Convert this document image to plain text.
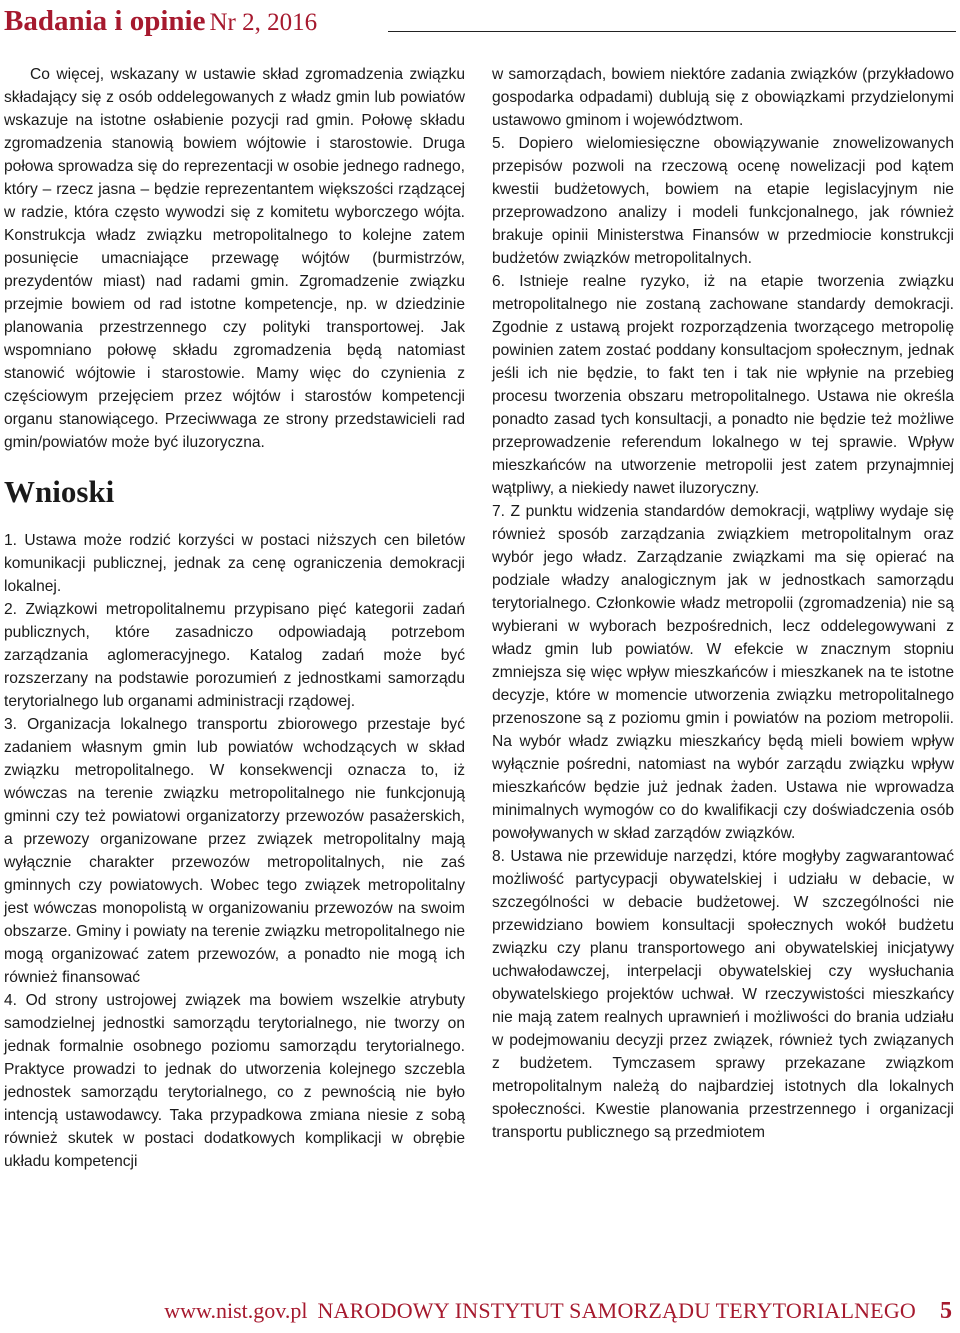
Badania i opinie Nr 2, 2016

Co więcej, wskazany w ustawie skład zgromadzenia związku składający się z osób oddelegowanych z władz gmin lub powiatów wskazuje na istotne osłabienie pozycji rad gmin. Połowę składu zgromadzenia stanowią bowiem wójtowie i starostowie. Druga połowa sprowadza się do reprezentacji w osobie jednego radnego, który – rzecz jasna – będzie reprezentantem większości rządzącej w radzie, która często wywodzi się z komitetu wyborczego wójta. Konstrukcja władz związku metropolitalnego to kolejne zatem posunięcie umacniające przewagę wójtów (burmistrzów, prezydentów miast) nad radami gmin. Zgromadzenie związku przejmie bowiem od rad istotne kompetencje, np. w dziedzinie planowania przestrzennego czy polityki transportowej. Jak wspomniano połowę składu zgromadzenia będą natomiast stanowić wójtowie i starostowie. Mamy więc do czynienia z częściowym przejęciem przez wójtów i starostów kompetencji organu stanowiącego. Przeciwwaga ze strony przedstawicieli rad gmin/powiatów może być iluzoryczna.

Wnioski

1. Ustawa może rodzić korzyści w postaci niższych cen biletów komunikacji publicznej, jednak za cenę ograniczenia demokracji lokalnej.

2. Związkowi metropolitalnemu przypisano pięć kategorii zadań publicznych, które zasadniczo odpowiadają potrzebom zarządzania aglomeracyjnego. Katalog zadań może być rozszerzany na podstawie porozumień z jednostkami samorządu terytorialnego lub organami administracji rządowej.

3. Organizacja lokalnego transportu zbiorowego przestaje być zadaniem własnym gmin lub powiatów wchodzących w skład związku metropolitalnego. W konsekwencji oznacza to, iż wówczas na terenie związku metropolitalnego nie funkcjonują gminni czy też powiatowi organizatorzy przewozów pasażerskich, a przewozy organizowane przez związek metropolitalny mają wyłącznie charakter przewozów metropolitalnych, nie zaś gminnych czy powiatowych. Wobec tego związek metropolitalny jest wówczas monopolistą w organizowaniu przewozów na swoim obszarze. Gminy i powiaty na terenie związku metropolitalnego nie mogą organizować zatem przewozów, a ponadto nie mogą ich również finansować

4. Od strony ustrojowej związek ma bowiem wszelkie atrybuty samodzielnej jednostki samorządu terytorialnego, nie tworzy on jednak formalnie osobnego poziomu samorządu terytorialnego. Praktyce prowadzi to jednak do utworzenia kolejnego szczebla jednostek samorządu terytorialnego, co z pewnością nie było intencją ustawodawcy. Taka przypadkowa zmiana niesie z sobą również skutek w postaci dodatkowych komplikacji w obrębie układu kompetencji

w samorządach, bowiem niektóre zadania związków (przykładowo gospodarka odpadami) dublują się z obowiązkami przydzielonymi ustawowo gminom i województwom.

5. Dopiero wielomiesięczne obowiązywanie znowelizowanych przepisów pozwoli na rzeczową ocenę nowelizacji pod kątem kwestii budżetowych, bowiem na etapie legislacyjnym nie przeprowadzono analizy i modeli funkcjonalnego, jak również brakuje opinii Ministerstwa Finansów w przedmiocie konstrukcji budżetów związków metropolitalnych.

6. Istnieje realne ryzyko, iż na etapie tworzenia związku metropolitalnego nie zostaną zachowane standardy demokracji. Zgodnie z ustawą projekt rozporządzenia tworzącego metropolię powinien zatem zostać poddany konsultacjom społecznym, jednak jeśli ich nie będzie, to fakt ten i tak nie wpłynie na przebieg procesu tworzenia obszaru metropolitalnego. Ustawa nie określa ponadto zasad tych konsultacji, a ponadto nie będzie też możliwe przeprowadzenie referendum lokalnego w tej sprawie. Wpływ mieszkańców na utworzenie metropolii jest zatem przynajmniej wątpliwy, a niekiedy nawet iluzoryczny.

7. Z punktu widzenia standardów demokracji, wątpliwy wydaje się również sposób zarządzania związkiem metropolitalnym oraz wybór jego władz. Zarządzanie związkami ma się opierać na podziale władzy analogicznym jak w jednostkach samorządu terytorialnego. Członkowie władz metropolii (zgromadzenia) nie są wybierani w wyborach bezpośrednich, lecz oddelegowywani z władz gmin lub powiatów. W efekcie w znacznym stopniu zmniejsza się więc wpływ mieszkańców i mieszkanek na te istotne decyzje, które w momencie utworzenia związku metropolitalnego przenoszone są z poziomu gmin i powiatów na poziom metropolii. Na wybór władz związku mieszkańcy będą mieli bowiem wpływ wyłącznie pośredni, natomiast na wybór zarządu związku wpływ mieszkańców będzie już jednak żaden. Ustawa nie wprowadza minimalnych wymogów co do kwalifikacji czy doświadczenia osób powoływanych w skład zarządów związków.

8. Ustawa nie przewiduje narzędzi, które mogłyby zagwarantować możliwość partycypacji obywatelskiej i udziału w debacie, w szczególności w debacie budżetowej. W szczególności nie przewidziano bowiem konsultacji społecznych wokół budżetu związku czy planu transportowego ani obywatelskiej inicjatywy uchwałodawczej, interpelacji obywatelskiej czy wysłuchania obywatelskiego projektów uchwał. W rzeczywistości mieszkańcy nie mają zatem realnych uprawnień i możliwości do brania udziału w podejmowaniu decyzji przez związek, również tych związanych z budżetem. Tymczasem sprawy przekazane związkom metropolitalnym należą do najbardziej istotnych dla lokalnych społeczności. Kwestie planowania przestrzennego i organizacji transportu publicznego są przedmiotem

www.nist.gov.pl NARODOWY INSTYTUT SAMORZĄDU TERYTORIALNEGO 5
